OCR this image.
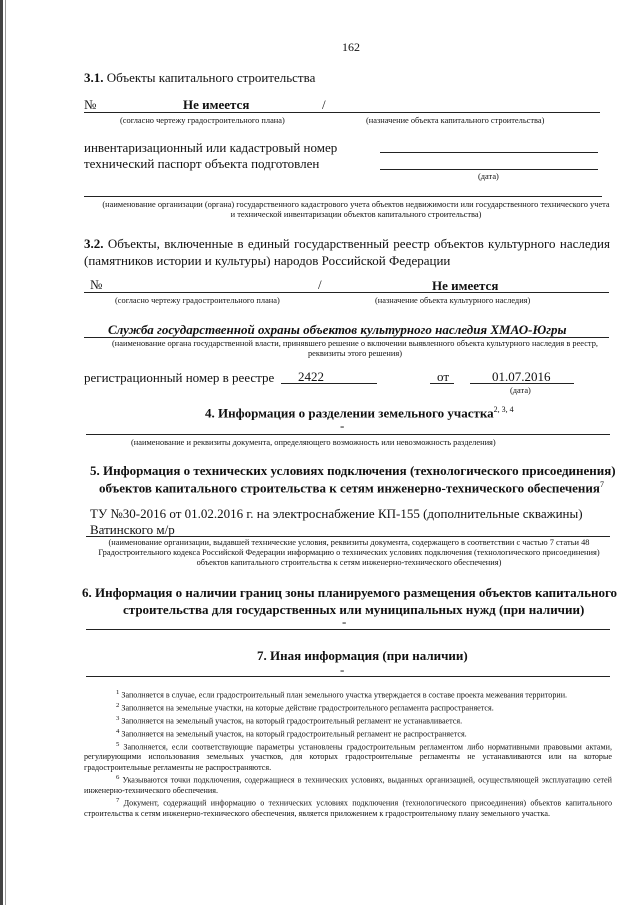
162
3.1. Объекты капитального строительства
№	Не имеется	/
(согласно чертежу градостроительного плана)	(назначение объекта капитального строительства)
инвентаризационный или кадастровый номер
технический паспорт объекта подготовлен
(дата)
(наименование организации (органа) государственного кадастрового учета объектов недвижимости или государственного технического учета и технической инвентаризации объектов капитального строительства)
3.2. Объекты, включенные в единый государственный реестр объектов культурного наследия (памятников истории и культуры) народов Российской Федерации
№	/	Не имеется
(согласно чертежу градостроительного плана)	(назначение объекта культурного наследия)
Служба государственной охраны объектов культурного наследия ХМАО-Югры
(наименование органа государственной власти, принявшего решение о включении выявленного объекта культурного наследия в реестр, реквизиты этого решения)
регистрационный номер в реестре 2422	от	01.07.2016
(дата)
4. Информация о разделении земельного участка$^{2, 3, 4}$
-
(наименование и реквизиты документа, определяющего возможность или невозможность разделения)
5. Информация о технических условиях подключения (технологического присоединения)
объектов капитального строительства к сетям инженерно-технического обеспечения$^7$
ТУ №30-2016 от 01.02.2016 г. на электроснабжение КП-155 (дополнительные скважины)
Ватинского м/р
(наименование организации, выдавшей технические условия, реквизиты документа, содержащего в соответствии с частью 7 статьи 48 Градостроительного кодекса Российской Федерации информацию о технических условиях подключения (технологического присоединения) объектов капитального строительства к сетям инженерно-технического обеспечения)
6. Информация о наличии границ зоны планируемого размещения объектов капитального
строительства для государственных или муниципальных нужд (при наличии)
-
7. Иная информация (при наличии)
-
$^1$ Заполняется в случае, если градостроительный план земельного участка утверждается в составе проекта межевания территории.
$^2$ Заполняется на земельные участки, на которые действие градостроительного регламента распространяется.
$^3$ Заполняется на земельный участок, на который градостроительный регламент не устанавливается.
$^4$ Заполняется на земельный участок, на который градостроительный регламент не распространяется.
$^5$ Заполняется, если соответствующие параметры установлены градостроительным регламентом либо нормативными правовыми актами, регулирующими использования земельных участков, для которых градостроительные регламенты не устанавливаются или на которые градостроительные регламенты не распространяются.
$^6$ Указываются точки подключения, содержащиеся в технических условиях, выданных организацией, осуществляющей эксплуатацию сетей инженерно-технического обеспечения.
$^7$ Документ, содержащий информацию о технических условиях подключения (технологического присоединения) объектов капитального строительства к сетям инженерно-технического обеспечения, является приложением к градостроительному плану земельного участка.
